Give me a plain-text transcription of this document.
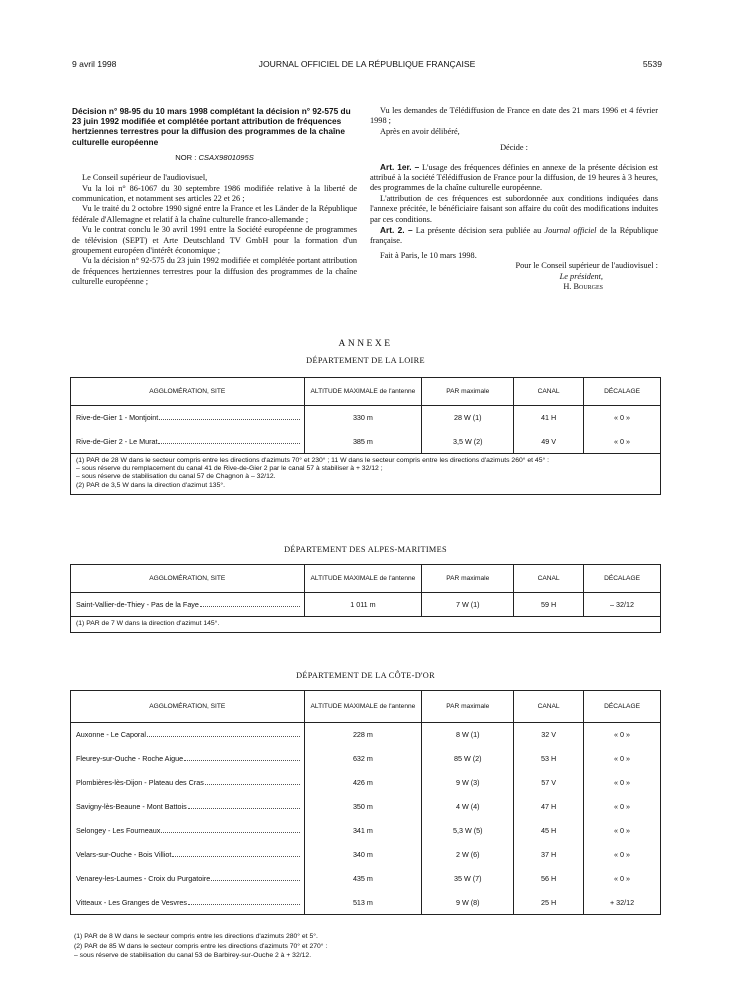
9 avril 1998	JOURNAL OFFICIEL DE LA RÉPUBLIQUE FRANÇAISE	5539
Décision n° 98-95 du 10 mars 1998 complétant la décision n° 92-575 du 23 juin 1992 modifiée et complétée portant attribution de fréquences hertziennes terrestres pour la diffusion des programmes de la chaîne culturelle européenne
NOR : CSAX9801095S
Le Conseil supérieur de l'audiovisuel,
Vu la loi n° 86-1067 du 30 septembre 1986 modifiée relative à la liberté de communication, et notamment ses articles 22 et 26 ;
Vu le traité du 2 octobre 1990 signé entre la France et les Länder de la République fédérale d'Allemagne et relatif à la chaîne culturelle franco-allemande ;
Vu le contrat conclu le 30 avril 1991 entre la Société européenne de programmes de télévision (SEPT) et Arte Deutschland TV GmbH pour la formation d'un groupement européen d'intérêt économique ;
Vu la décision n° 92-575 du 23 juin 1992 modifiée et complétée portant attribution de fréquences hertziennes terrestres pour la diffusion des programmes de la chaîne culturelle européenne ;
Vu les demandes de Télédiffusion de France en date des 21 mars 1996 et 4 février 1998 ;
Après en avoir délibéré,
Décide :
Art. 1er. – L'usage des fréquences définies en annexe de la présente décision est attribué à la société Télédiffusion de France pour la diffusion, de 19 heures à 3 heures, des programmes de la chaîne culturelle européenne.
L'attribution de ces fréquences est subordonnée aux conditions indiquées dans l'annexe précitée, le bénéficiaire faisant son affaire du coût des modifications induites par ces conditions.
Art. 2. – La présente décision sera publiée au Journal officiel de la République française.
Fait à Paris, le 10 mars 1998.
Pour le Conseil supérieur de l'audiovisuel :
Le président,
H. Bourges
ANNEXE
DÉPARTEMENT DE LA LOIRE
AGGLOMÉRATION, SITE	ALTITUDE MAXIMALE de l'antenne	PAR maximale	CANAL	DÉCALAGE

Rive-de-Gier 1 - Montjoint	330 m	28 W (1)	41 H	« 0 »

Rive-de-Gier 2 - Le Murat	385 m	3,5 W (2)	49 V	« 0 »

(1) PAR de 28 W dans le secteur compris entre les directions d'azimuts 70° et 230° ; 11 W dans le secteur compris entre les directions d'azimuts 260° et 45° :
– sous réserve du remplacement du canal 41 de Rive-de-Gier 2 par le canal 57 à stabiliser à + 32/12 ;
– sous réserve de stabilisation du canal 57 de Chagnon à – 32/12.
(2) PAR de 3,5 W dans la direction d'azimut 135°.				
DÉPARTEMENT DES ALPES-MARITIMES
AGGLOMÉRATION, SITE	ALTITUDE MAXIMALE de l'antenne	PAR maximale	CANAL	DÉCALAGE

Saint-Vallier-de-Thiey - Pas de la Faye	1 011 m	7 W (1)	59 H	– 32/12

(1) PAR de 7 W dans la direction d'azimut 145°.				
DÉPARTEMENT DE LA CÔTE-D'OR
AGGLOMÉRATION, SITE	ALTITUDE MAXIMALE de l'antenne	PAR maximale	CANAL	DÉCALAGE

Auxonne - Le Caporal	228 m	8 W (1)	32 V	« 0 »

Fleurey-sur-Ouche - Roche Aigue	632 m	85 W (2)	53 H	« 0 »

Plombières-lès-Dijon - Plateau des Cras	426 m	9 W (3)	57 V	« 0 »

Savigny-lès-Beaune - Mont Battois	350 m	4 W (4)	47 H	« 0 »

Selongey - Les Fourneaux	341 m	5,3 W (5)	45 H	« 0 »

Velars-sur-Ouche - Bois Villiot	340 m	2 W (6)	37 H	« 0 »

Venarey-les-Laumes - Croix du Purgatoire	435 m	35 W (7)	56 H	« 0 »

Vitteaux - Les Granges de Vesvres	513 m	9 W (8)	25 H	+ 32/12
(1) PAR de 8 W dans le secteur compris entre les directions d'azimuts 280° et 5°.
(2) PAR de 85 W dans le secteur compris entre les directions d'azimuts 70° et 270° :
– sous réserve de stabilisation du canal 53 de Barbirey-sur-Ouche 2 à + 32/12.
